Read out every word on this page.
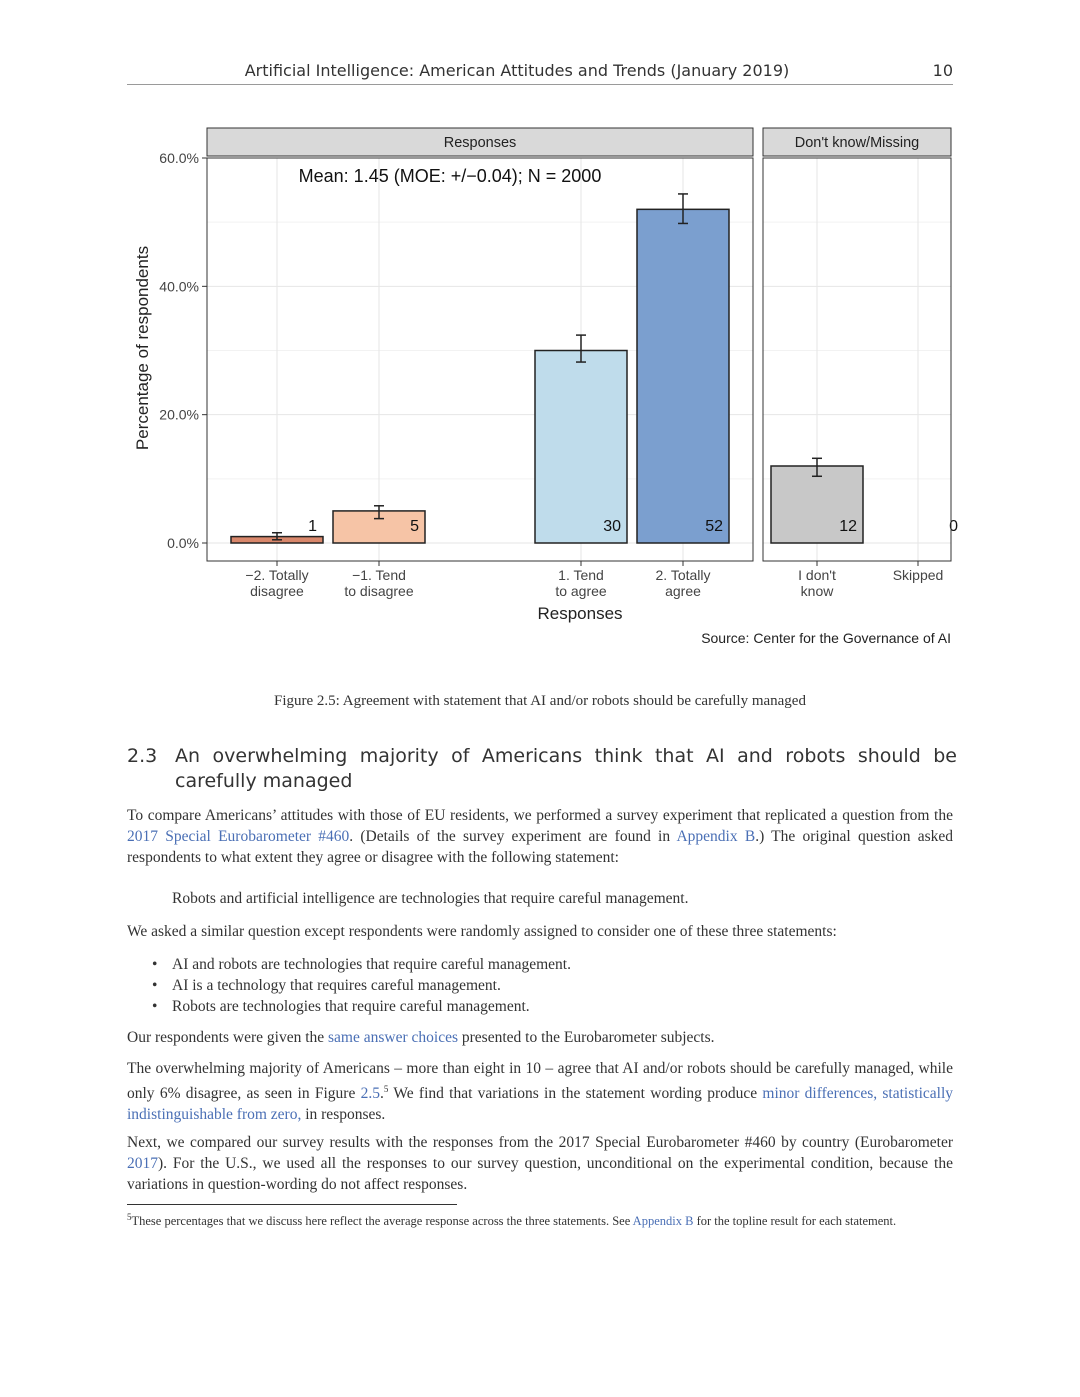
Artificial Intelligence: American Attitudes and Trends (January 2019)	10
Percentage of respondents
0.0%
20.0%
40.0%
60.0%
Responses
1
−2. Totally
disagree
5
−1. Tend
to disagree
30
1. Tend
to agree
52
2. Totally
agree
Don't know/Missing
12
I don't
know
0
Skipped
Mean: 1.45 (MOE: +/−0.04); N = 2000
Responses
Source: Center for the Governance of AI
Figure 2.5: Agreement with statement that AI and/or robots should be carefully managed
2.3 An overwhelming majority of Americans think that AI and robots should be carefully managed

To compare Americans’ attitudes with those of EU residents, we performed a survey experiment that replicated a question from the 2017 Special Eurobarometer #460. (Details of the survey experiment are found in Appendix B.) The original question asked respondents to what extent they agree or disagree with the following statement:

Robots and artificial intelligence are technologies that require careful management.

We asked a similar question except respondents were randomly assigned to consider one of these three statements:

• AI and robots are technologies that require careful management.
• AI is a technology that requires careful management.
• Robots are technologies that require careful management.

Our respondents were given the same answer choices presented to the Eurobarometer subjects.

The overwhelming majority of Americans – more than eight in 10 – agree that AI and/or robots should be carefully managed, while only 6% disagree, as seen in Figure 2.5.$^5$ We find that variations in the statement wording produce minor differences, statistically indistinguishable from zero, in responses.

Next, we compared our survey results with the responses from the 2017 Special Eurobarometer #460 by country (Eurobarometer 2017). For the U.S., we used all the responses to our survey question, unconditional on the experimental condition, because the variations in question-wording do not affect responses.

$^5$These percentages that we discuss here reflect the average response across the three statements. See Appendix B for the topline result for each statement.
